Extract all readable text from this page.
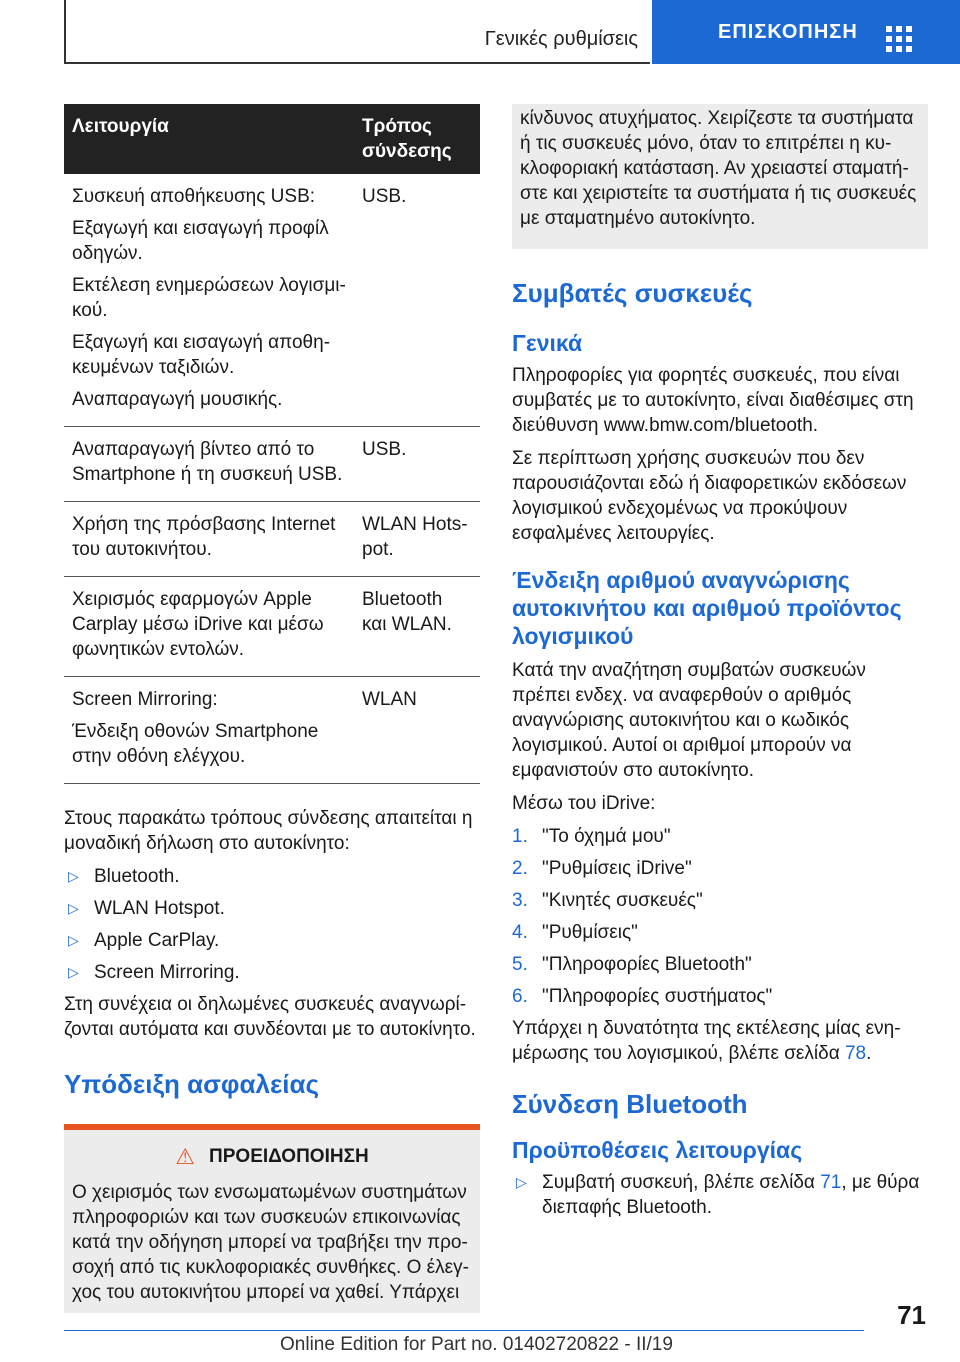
Γενικές ρυθμίσεις	ΕΠΙΣΚΟΠΗΣΗ
Λειτουργία	Τρόπος σύνδεσης

Συσκευή αποθήκευσης USB:

Εξαγωγή και εισαγωγή προφίλ οδηγών.

Εκτέλεση ενημερώσεων λογισμικού.

Εξαγωγή και εισαγωγή αποθηκευμένων ταξιδιών.

Αναπαραγωγή μουσικής.	USB.

Αναπαραγωγή βίντεο από το Smartphone ή τη συσκευή USB.	USB.

Χρήση της πρόσβασης Internet του αυτοκινήτου.	WLAN Hotspot.

Χειρισμός εφαρμογών Apple Carplay μέσω iDrive και μέσω φωνητικών εντολών.	Bluetooth και WLAN.

Screen Mirroring:

Ένδειξη οθονών Smartphone στην οθόνη ελέγχου.	WLAN

Στους παρακάτω τρόπους σύνδεσης απαιτείται η μοναδική δήλωση στο αυτοκίνητο:

▷ Bluetooth.
▷ WLAN Hotspot.
▷ Apple CarPlay.
▷ Screen Mirroring.

Στη συνέχεια οι δηλωμένες συσκευές αναγνωρίζονται αυτόματα και συνδέονται με το αυτοκίνητο.

Υπόδειξη ασφαλείας
⚠ ΠΡΟΕΙΔΟΠΟΙΗΣΗ

Ο χειρισμός των ενσωματωμένων συστημάτων πληροφοριών και των συσκευών επικοινωνίας κατά την οδήγηση μπορεί να τραβήξει την προσοχή από τις κυκλοφοριακές συνθήκες. Ο έλεγχος του αυτοκινήτου μπορεί να χαθεί. Υπάρχει

κίνδυνος ατυχήματος. Χειρίζεστε τα συστήματα ή τις συσκευές μόνο, όταν το επιτρέπει η κυκλοφοριακή κατάσταση. Αν χρειαστεί σταματήστε και χειριστείτε τα συστήματα ή τις συσκευές με σταματημένο αυτοκίνητο.

Συμβατές συσκευές
Γενικά

Πληροφορίες για φορητές συσκευές, που είναι συμβατές με το αυτοκίνητο, είναι διαθέσιμες στη διεύθυνση www.bmw.com/bluetooth.

Σε περίπτωση χρήσης συσκευών που δεν παρουσιάζονται εδώ ή διαφορετικών εκδόσεων λογισμικού ενδεχομένως να προκύψουν εσφαλμένες λειτουργίες.

Ένδειξη αριθμού αναγνώρισης αυτοκινήτου και αριθμού προϊόντος λογισμικού

Κατά την αναζήτηση συμβατών συσκευών πρέπει ενδεχ. να αναφερθούν ο αριθμός αναγνώρισης αυτοκινήτου και ο κωδικός λογισμικού. Αυτοί οι αριθμοί μπορούν να εμφανιστούν στο αυτοκίνητο.

Μέσω του iDrive:

1. "Το όχημά μου"
2. "Ρυθμίσεις iDrive"
3. "Κινητές συσκευές"
4. "Ρυθμίσεις"
5. "Πληροφορίες Bluetooth"
6. "Πληροφορίες συστήματος"

Υπάρχει η δυνατότητα της εκτέλεσης μίας ενημέρωσης του λογισμικού, βλέπε σελίδα 78.

Σύνδεση Bluetooth
Προϋποθέσεις λειτουργίας
▷ Συμβατή συσκευή, βλέπε σελίδα 71, με θύρα διεπαφής Bluetooth.
71
Online Edition for Part no. 01402720822 - II/19
